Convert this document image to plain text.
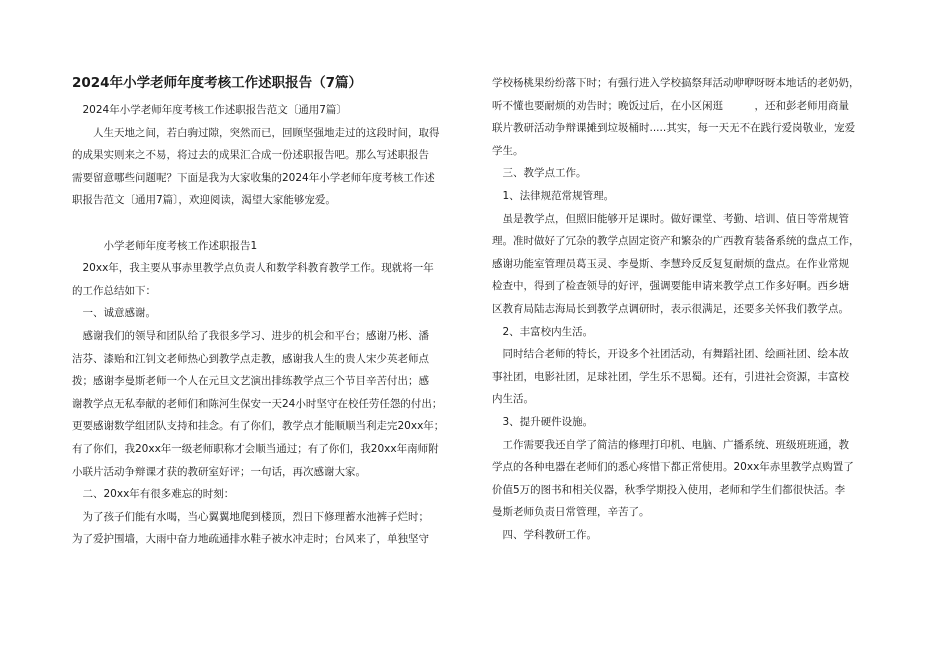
2024年小学老师年度考核工作述职报告（7篇）
　2024年小学老师年度考核工作述职报告范文〔通用7篇〕
　　人生天地之间，若白驹过隙，突然而已，回顾坚强地走过的这段时间，取得
的成果实则来之不易，将过去的成果汇合成一份述职报告吧。那么写述职报告
需要留意哪些问题呢？下面是我为大家收集的2024年小学老师年度考核工作述
职报告范文〔通用7篇〕，欢迎阅读，渴望大家能够宠爱。
　　　小学老师年度考核工作述职报告1
　20xx年，我主要从事赤里教学点负责人和数学科教育教学工作。现就将一年
的工作总结如下：
　一、诚意感谢。
　感谢我们的领导和团队给了我很多学习、进步的机会和平台；感谢乃彬、潘
洁芬、漆贻和江钊文老师热心到教学点走教，感谢我人生的贵人宋少英老师点
拨；感谢李曼斯老师一个人在元旦文艺演出排练教学点三个节目辛苦付出；感
谢教学点无私奉献的老师们和陈河生保安一天24小时坚守在校任劳任怨的付出；
更要感谢数学组团队支持和挂念。有了你们，教学点才能顺顺当利走完20xx年；
有了你们，我20xx年一级老师职称才会顺当通过；有了你们，我20xx年南师附
小联片活动争辩课才获的教研室好评；一句话，再次感谢大家。
　二、20xx年有很多难忘的时刻：
　为了孩子们能有水喝，当心翼翼地爬到楼顶，烈日下修理蓄水池裤子烂时；
为了爱护围墙，大雨中奋力地疏通排水鞋子被水冲走时；台风来了，单独坚守
学校杨桃果纷纷落下时；有强行进入学校搞祭拜活动咿咿呀呀本地话的老奶奶，
听不懂也要耐烦的劝告时；晚饭过后，在小区闲逛　　　，还和彭老师用商量
联片教研活动争辩课摊到垃圾桶时.....其实，每一天无不在践行爱岗敬业，宠爱
学生。
　三、教学点工作。
　1、法律规范常规管理。
　虽是教学点，但照旧能够开足课时。做好课堂、考勤、培训、值日等常规管
理。准时做好了冗杂的教学点固定资产和繁杂的广西教育装备系统的盘点工作，
感谢功能室管理员葛玉灵、李曼斯、李慧玲反反复复耐烦的盘点。在作业常规
检查中，得到了检查领导的好评，强调要能申请来教学点工作多好啊。西乡塘
区教育局陆志海局长到教学点调研时，表示很满足，还要多关怀我们教学点。
　2、丰富校内生活。
　同时结合老师的特长，开设多个社团活动，有舞蹈社团、绘画社团、绘本故
事社团，电影社团，足球社团，学生乐不思蜀。还有，引进社会资源，丰富校
内生活。
　3、提升硬件设施。
　工作需要我还自学了简洁的修理打印机、电脑、广播系统、班级班班通，教
学点的各种电器在老师们的悉心疼惜下都正常使用。20xx年赤里教学点购置了
价值5万的图书和相关仪器，秋季学期投入使用，老师和学生们都很快活。李
曼斯老师负责日常管理，辛苦了。
　四、学科教研工作。
